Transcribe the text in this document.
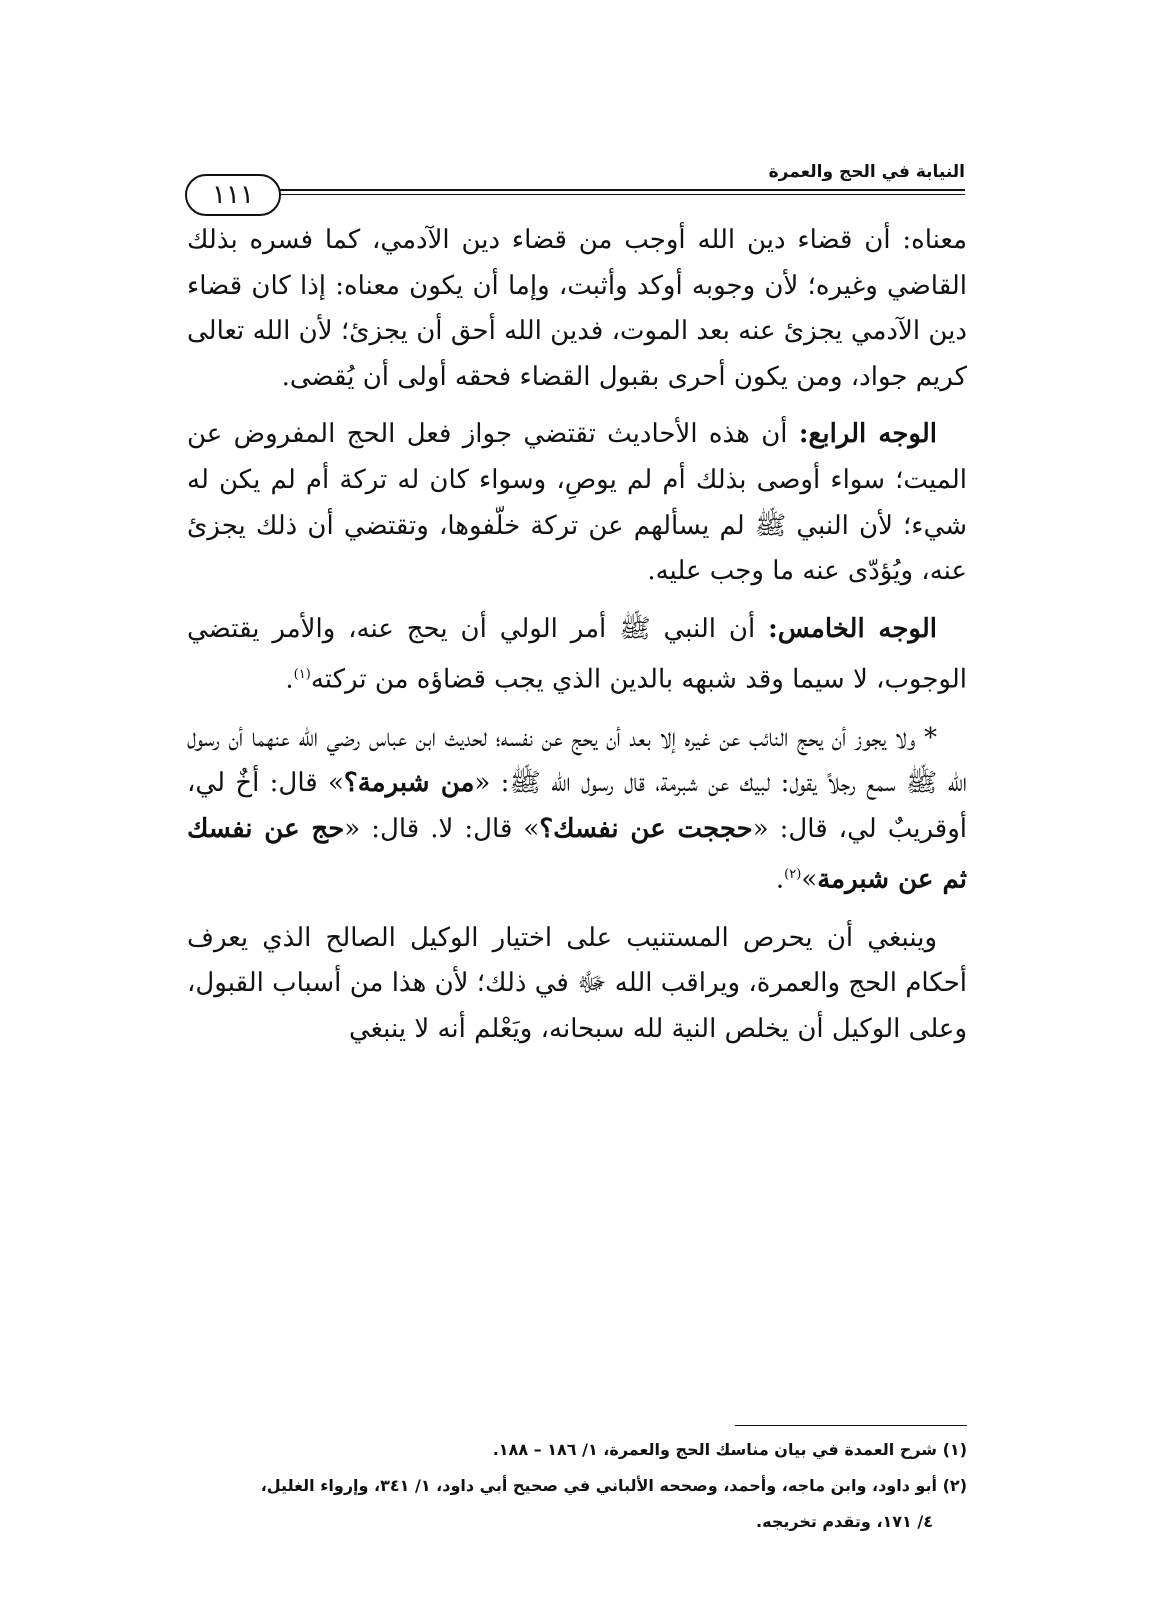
النيابة في الحج والعمرة
١١١

معناه: أن قضاء دين الله أوجب من قضاء دين الآدمي، كما فسره بذلك القاضي وغيره؛ لأن وجوبه أوكد وأثبت، وإما أن يكون معناه: إذا كان قضاء دين الآدمي يجزئ عنه بعد الموت، فدين الله أحق أن يجزئ؛ لأن الله تعالى كريم جواد، ومن يكون أحرى بقبول القضاء فحقه أولى أن يُقضى.

الوجه الرابع: أن هذه الأحاديث تقتضي جواز فعل الحج المفروض عن الميت؛ سواء أوصى بذلك أم لم يوصِ، وسواء كان له تركة أم لم يكن له شيء؛ لأن النبي ﷺ لم يسألهم عن تركة خلّفوها، وتقتضي أن ذلك يجزئ عنه، ويُؤدّى عنه ما وجب عليه.

الوجه الخامس: أن النبي ﷺ أمر الولي أن يحج عنه، والأمر يقتضي الوجوب، لا سيما وقد شبهه بالدين الذي يجب قضاؤه من تركته$^{(١)}$.

* ولا يجوز أن يحج النائب عن غيره إلا بعد أن يحج عن نفسه؛ لحديث ابن عباس رضي الله عنهما أن رسول الله ﷺ سمع رجلاً يقول: لبيك عن شبرمة، قال رسول الله ﷺ: «من شبرمة؟» قال: أخٌ لي، أوقريبٌ لي، قال: «حججت عن نفسك؟» قال: لا. قال: «حج عن نفسك ثم عن شبرمة»$^{(٢)}$.

وينبغي أن يحرص المستنيب على اختيار الوكيل الصالح الذي يعرف أحكام الحج والعمرة، ويراقب الله ﷻ في ذلك؛ لأن هذا من أسباب القبول، وعلى الوكيل أن يخلص النية لله سبحانه، ويَعْلم أنه لا ينبغي

(١) شرح العمدة في بيان مناسك الحج والعمرة، ١/ ١٨٦ – ١٨٨.

(٢) أبو داود، وابن ماجه، وأحمد، وصححه الألباني في صحيح أبي داود، ١/ ٣٤١، وإرواء الغليل،

٤/ ١٧١، وتقدم تخريجه.
